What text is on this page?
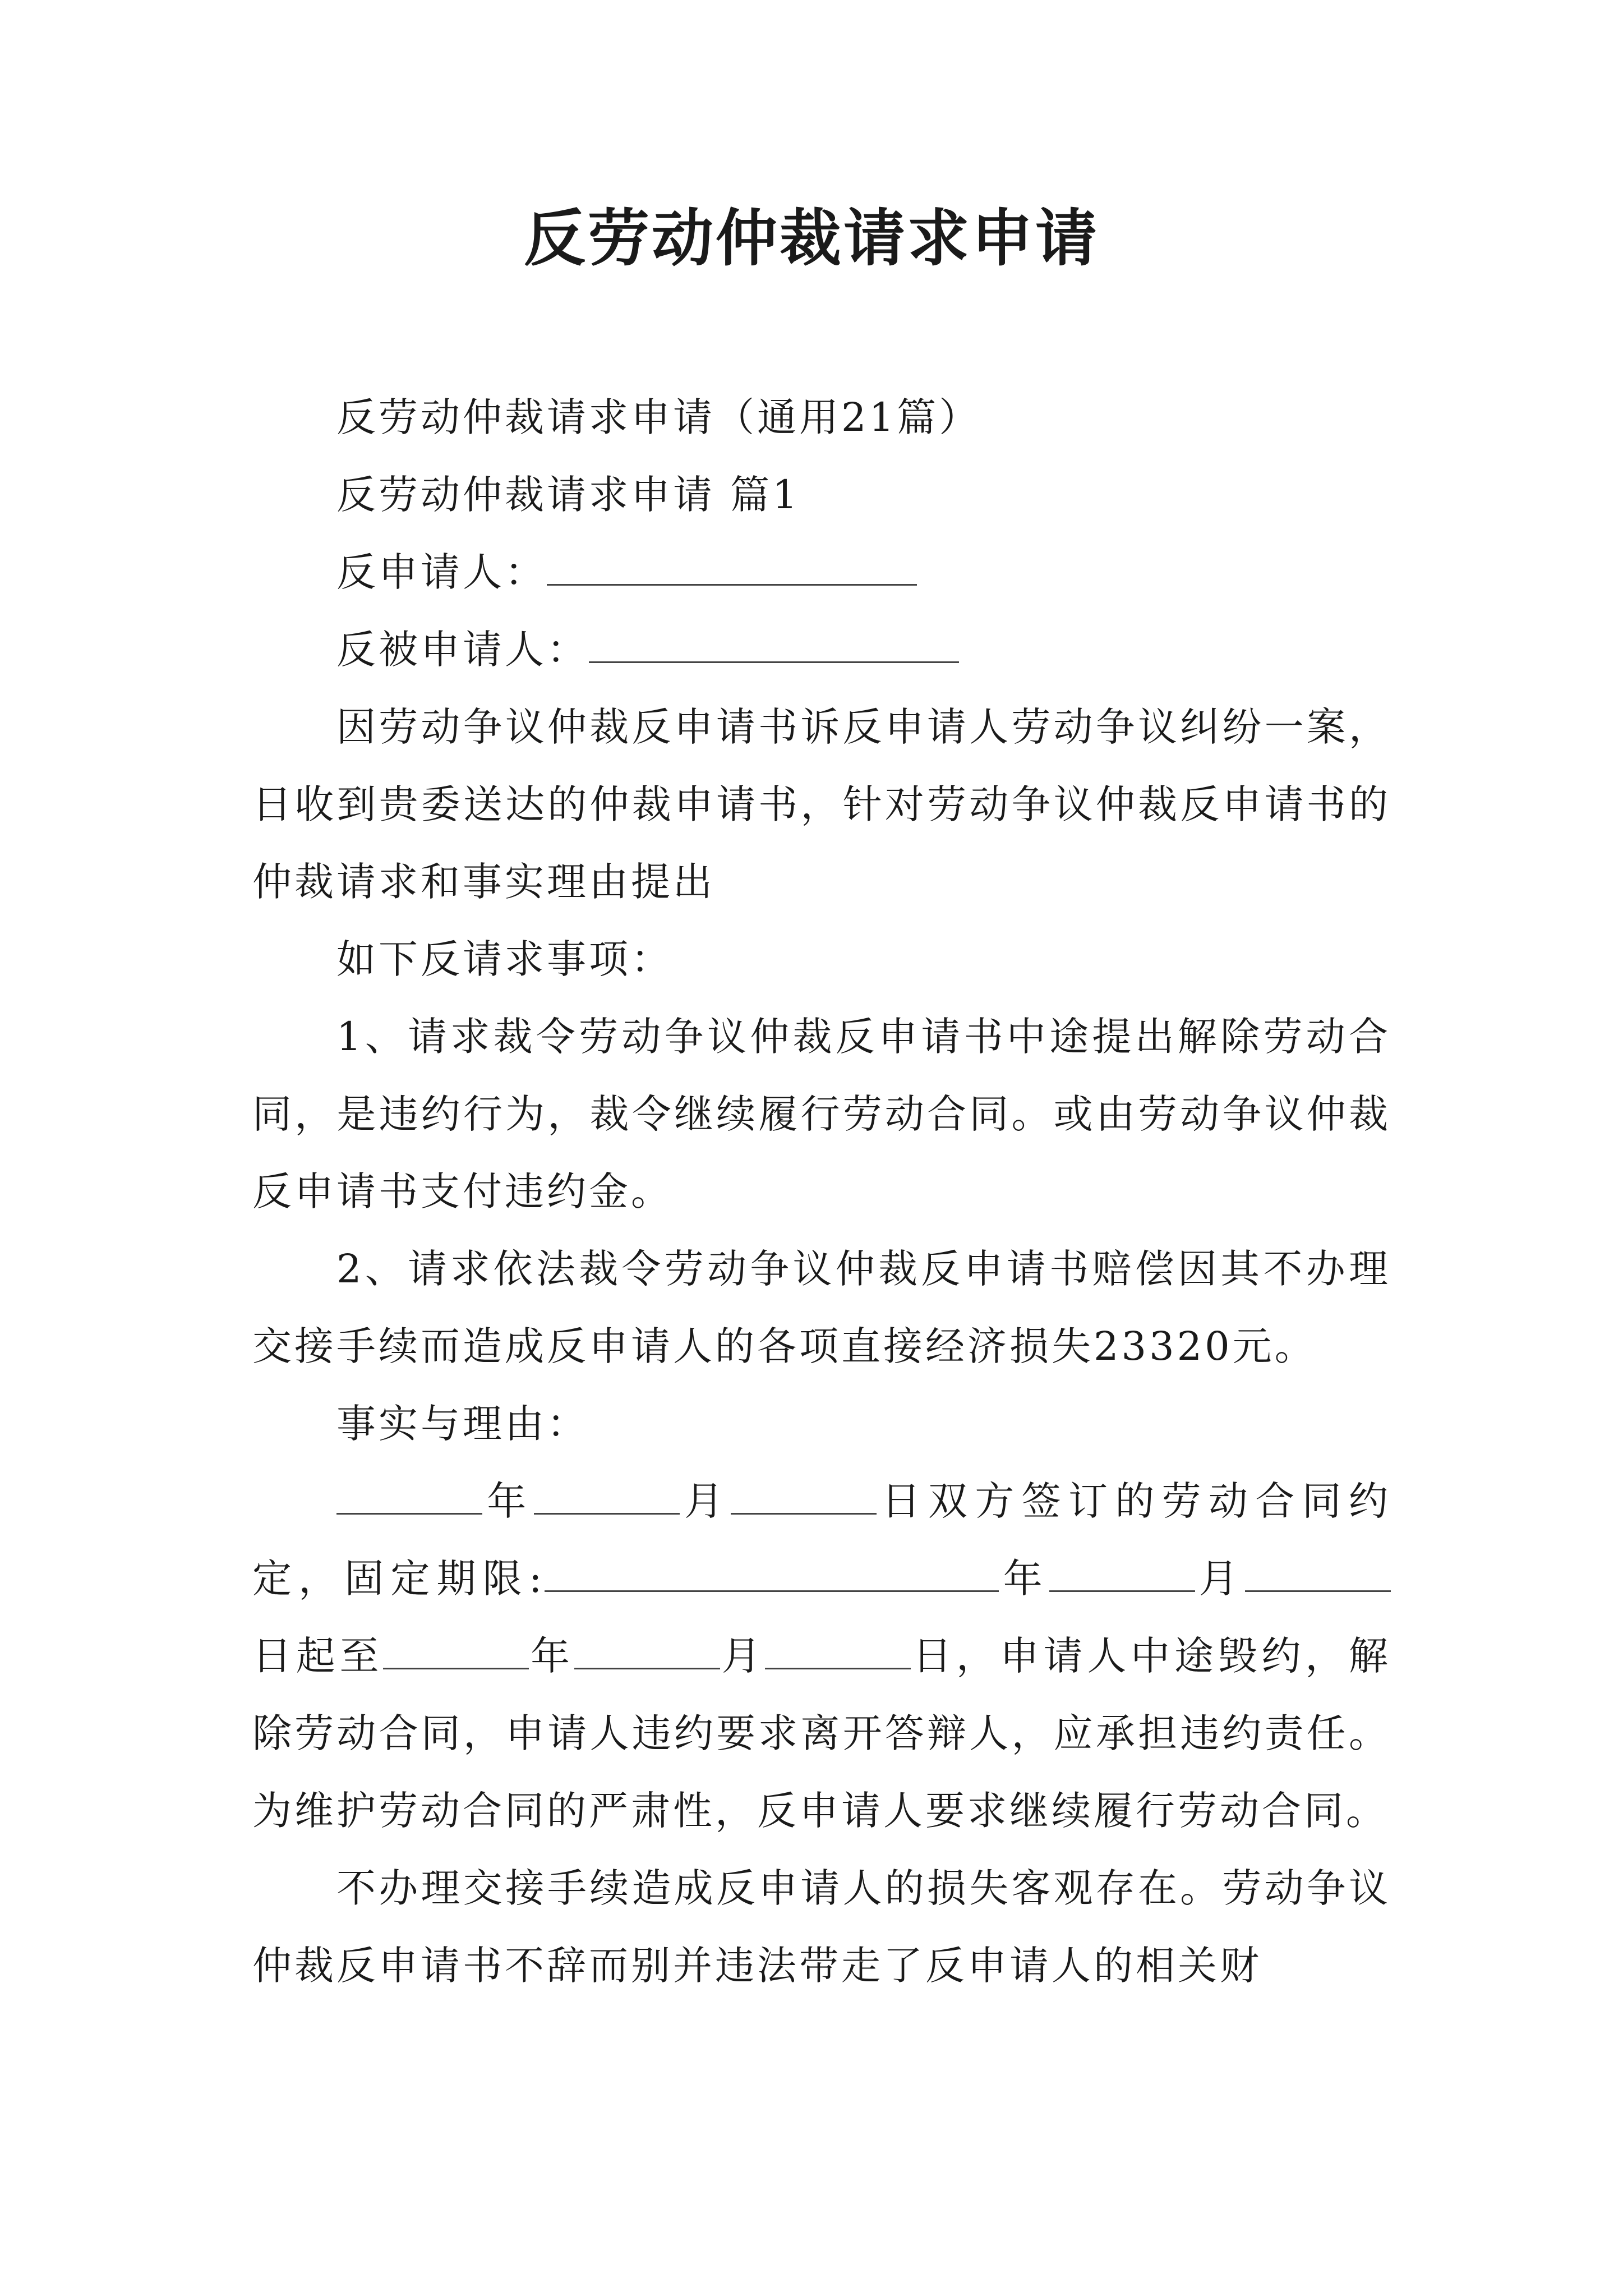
反劳动仲裁请求申请

反劳动仲裁请求申请（通用21篇）

反劳动仲裁请求申请 篇1

反申请人：

反被申请人：

因劳动争议仲裁反申请书诉反申请人劳动争议纠纷一案，日收到贵委送达的仲裁申请书，针对劳动争议仲裁反申请书的仲裁请求和事实理由提出

如下反请求事项：

1、请求裁令劳动争议仲裁反申请书中途提出解除劳动合同，是违约行为，裁令继续履行劳动合同。或由劳动争议仲裁反申请书支付违约金。

2、请求依法裁令劳动争议仲裁反申请书赔偿因其不办理交接手续而造成反申请人的各项直接经济损失23320元。

事实与理由：

年	月	日双方签订的劳动合同约定，固定期限:	年	月日起至	年	月	日，申请人中途毁约，解除劳动合同，申请人违约要求离开答辩人，应承担违约责任。为维护劳动合同的严肃性，反申请人要求继续履行劳动合同。

不办理交接手续造成反申请人的损失客观存在。劳动争议仲裁反申请书不辞而别并违法带走了反申请人的相关财
